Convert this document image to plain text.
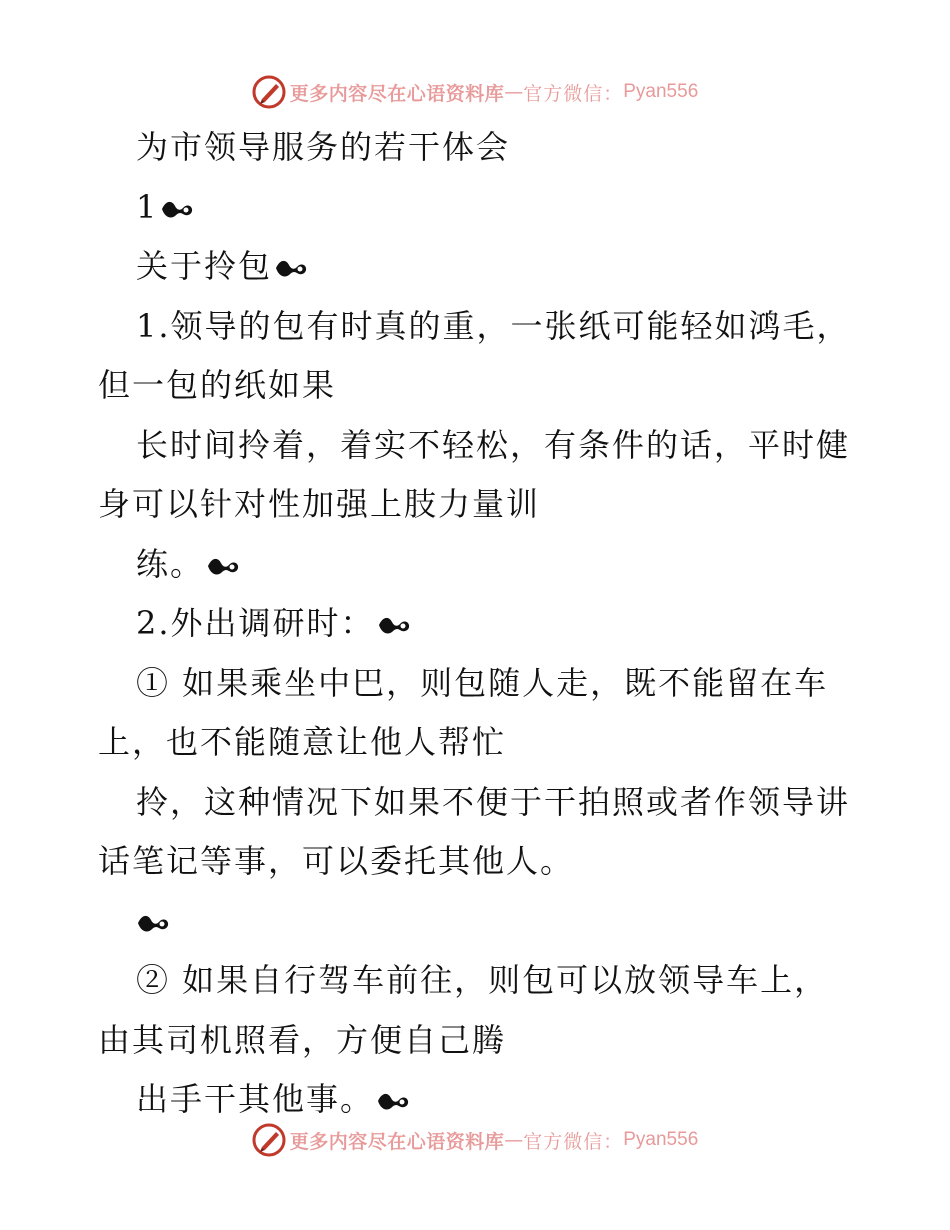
更多内容尽在心语资料库 — 官方微信： Pyan556
为市领导服务的若干体会
1
关于拎包
1.领导的包有时真的重，一张纸可能轻如鸿毛，
但一包的纸如果
长时间拎着，着实不轻松，有条件的话，平时健
身可以针对性加强上肢力量训
练。
2.外出调研时：
① 如果乘坐中巴，则包随人走，既不能留在车
上，也不能随意让他人帮忙
拎，这种情况下如果不便于干拍照或者作领导讲
话笔记等事，可以委托其他人。
② 如果自行驾车前往，则包可以放领导车上，
由其司机照看，方便自己腾
出手干其他事。
更多内容尽在心语资料库 — 官方微信： Pyan556
